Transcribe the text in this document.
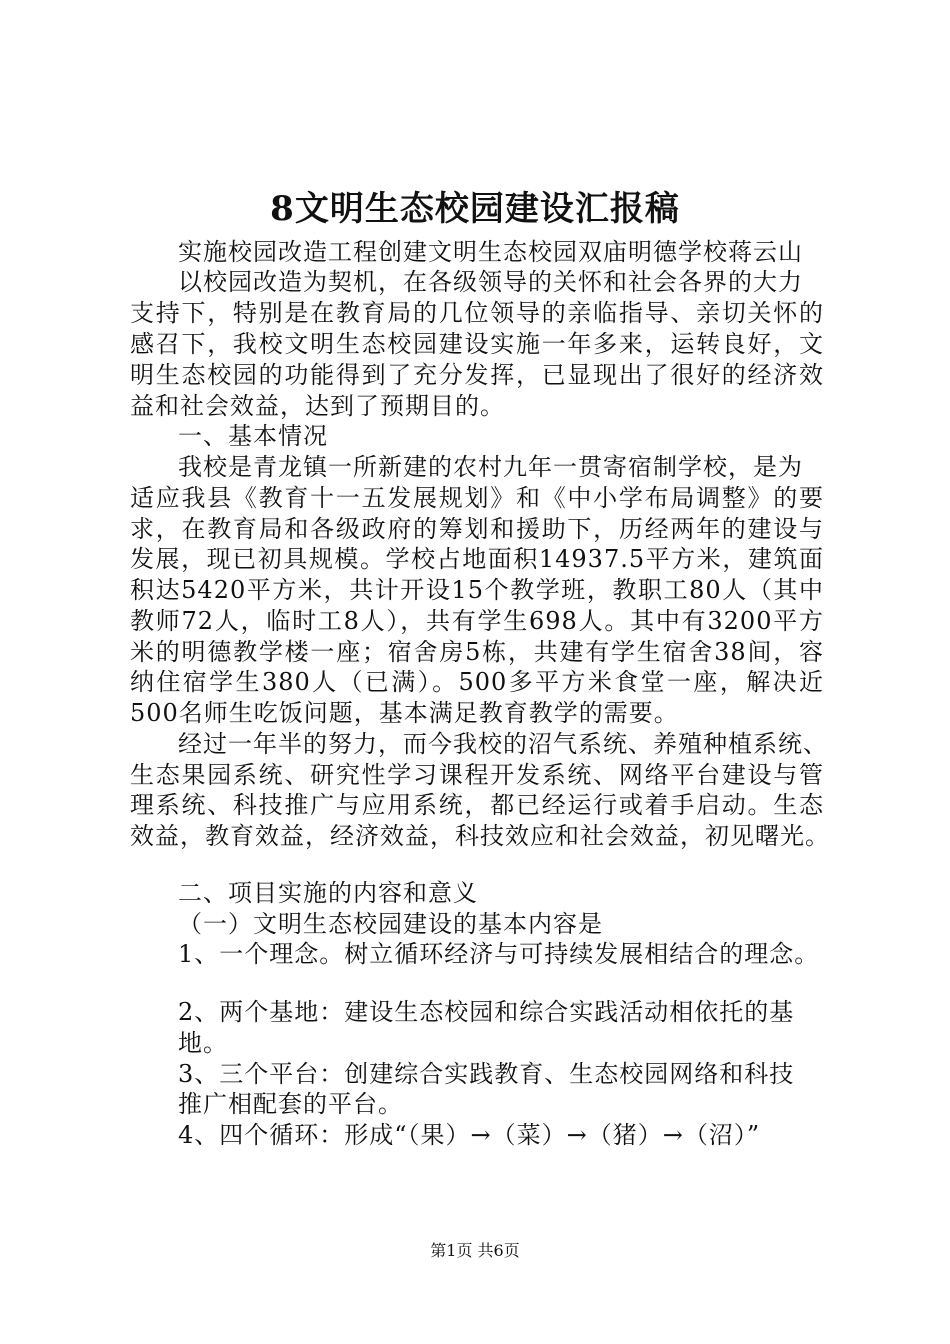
8文明生态校园建设汇报稿
实施校园改造工程创建文明生态校园双庙明德学校蒋云山
以校园改造为契机，在各级领导的关怀和社会各界的大力
支持下，特别是在教育局的几位领导的亲临指导、亲切关怀的
感召下，我校文明生态校园建设实施一年多来，运转良好，文
明生态校园的功能得到了充分发挥，已显现出了很好的经济效
益和社会效益，达到了预期目的。
一、基本情况
我校是青龙镇一所新建的农村九年一贯寄宿制学校，是为
适应我县《教育十一五发展规划》和《中小学布局调整》的要
求，在教育局和各级政府的筹划和援助下，历经两年的建设与
发展，现已初具规模。学校占地面积14937.5平方米，建筑面
积达5420平方米，共计开设15个教学班，教职工80人（其中
教师72人，临时工8人），共有学生698人。其中有3200平方
米的明德教学楼一座；宿舍房5栋，共建有学生宿舍38间，容
纳住宿学生380人（已满）。500多平方米食堂一座，解决近
500名师生吃饭问题，基本满足教育教学的需要。
经过一年半的努力，而今我校的沼气系统、养殖种植系统、
生态果园系统、研究性学习课程开发系统、网络平台建设与管
理系统、科技推广与应用系统，都已经运行或着手启动。生态
效益，教育效益，经济效益，科技效应和社会效益，初见曙光。
二、项目实施的内容和意义
（一）文明生态校园建设的基本内容是
1、一个理念。树立循环经济与可持续发展相结合的理念。
2、两个基地：建设生态校园和综合实践活动相依托的基
地。
3、三个平台：创建综合实践教育、生态校园网络和科技
推广相配套的平台。
4、四个循环：形成“（果）→（菜）→（猪）→（沼）”
第1页 共6页
